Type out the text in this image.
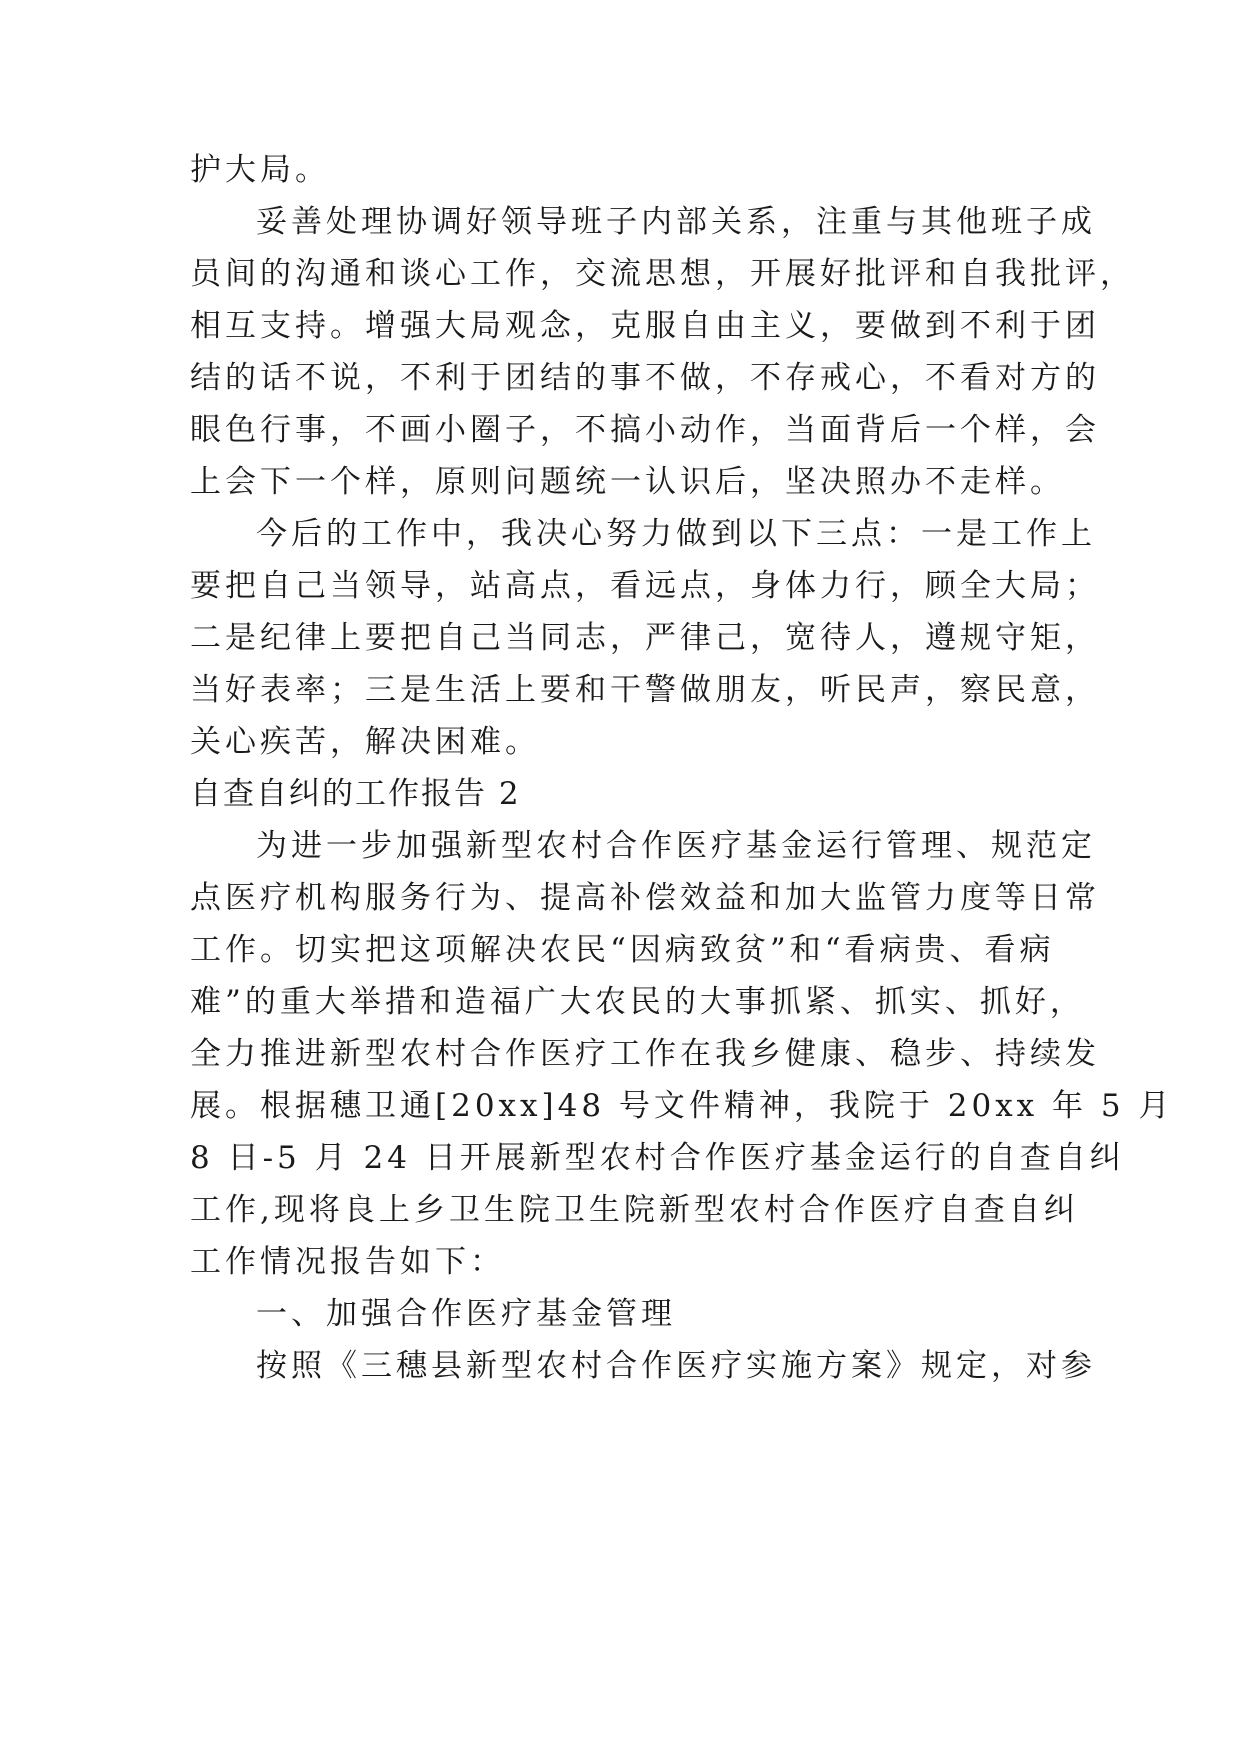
护大局。
妥善处理协调好领导班子内部关系，注重与其他班子成
员间的沟通和谈心工作，交流思想，开展好批评和自我批评，
相互支持。增强大局观念，克服自由主义，要做到不利于团
结的话不说，不利于团结的事不做，不存戒心，不看对方的
眼色行事，不画小圈子，不搞小动作，当面背后一个样，会
上会下一个样，原则问题统一认识后，坚决照办不走样。
今后的工作中，我决心努力做到以下三点：一是工作上
要把自己当领导，站高点，看远点，身体力行，顾全大局；
二是纪律上要把自己当同志，严律己，宽待人，遵规守矩，
当好表率；三是生活上要和干警做朋友，听民声，察民意，
关心疾苦，解决困难。
自查自纠的工作报告 2
为进一步加强新型农村合作医疗基金运行管理、规范定
点医疗机构服务行为、提高补偿效益和加大监管力度等日常
工作。切实把这项解决农民“因病致贫”和“看病贵、看病
难”的重大举措和造福广大农民的大事抓紧、抓实、抓好，
全力推进新型农村合作医疗工作在我乡健康、稳步、持续发
展。根据穗卫通[20xx]48 号文件精神，我院于 20xx 年 5 月
8 日-5 月 24 日开展新型农村合作医疗基金运行的自查自纠
工作,现将良上乡卫生院卫生院新型农村合作医疗自查自纠
工作情况报告如下：
一、加强合作医疗基金管理
按照《三穗县新型农村合作医疗实施方案》规定，对参
